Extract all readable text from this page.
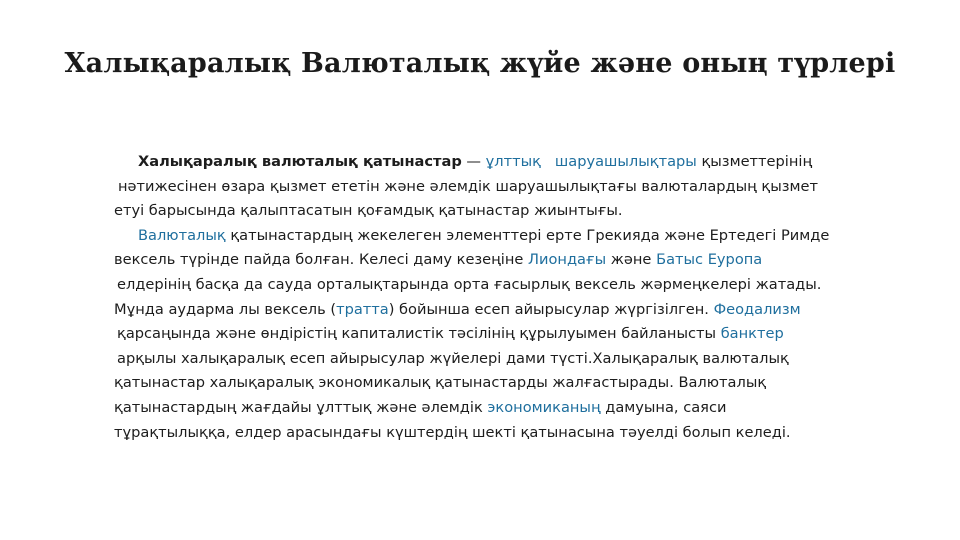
Халықаралық Валюталық жүйе және оның түрлері
Халықаралық валюталық қатынастар — ұлттық шаруашылықтары қызметтерінің
нәтижесінен өзара қызмет ететін және әлемдік шаруашылықтағы валюталардың қызмет
етуі барысында қалыптасатын қоғамдық қатынастар жиынтығы.
Валюталық қатынастардың жекелеген элементтері ерте Грекияда және Ертедегі Римде
вексель түрінде пайда болған. Келесі даму кезеңіне Лиондағы және Батыс Еуропа
елдерінің басқа да сауда орталықтарында орта ғасырлық вексель жәрмеңкелері жатады.
Мұнда аударма лы вексель (тратта) бойынша есеп айырысулар жүргізілген. Феодализм
қарсаңында және өндірістің капиталистік тәсілінің құрылуымен байланысты банктер
арқылы халықаралық есеп айырысулар жүйелері дами түсті.Халықаралық валюталық
қатынастар халықаралық экономикалық қатынастарды жалғастырады. Валюталық
қатынастардың жағдайы ұлттық және әлемдік экономиканың дамуына, саяси
тұрақтылыққа, елдер арасындағы күштердің шекті қатынасына тәуелді болып келеді.
